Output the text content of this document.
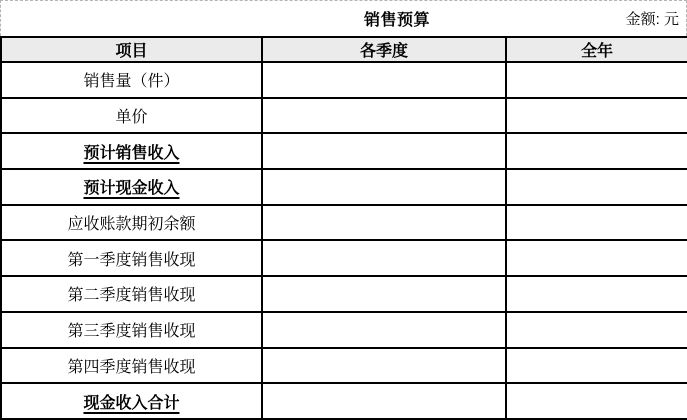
销售预算	金额: 元
项目	各季度	全年
销售量（件）		
单价		
预计销售收入		
预计现金收入		
应收账款期初余额		
第一季度销售收现		
第二季度销售收现		
第三季度销售收现		
第四季度销售收现		
现金收入合计		
